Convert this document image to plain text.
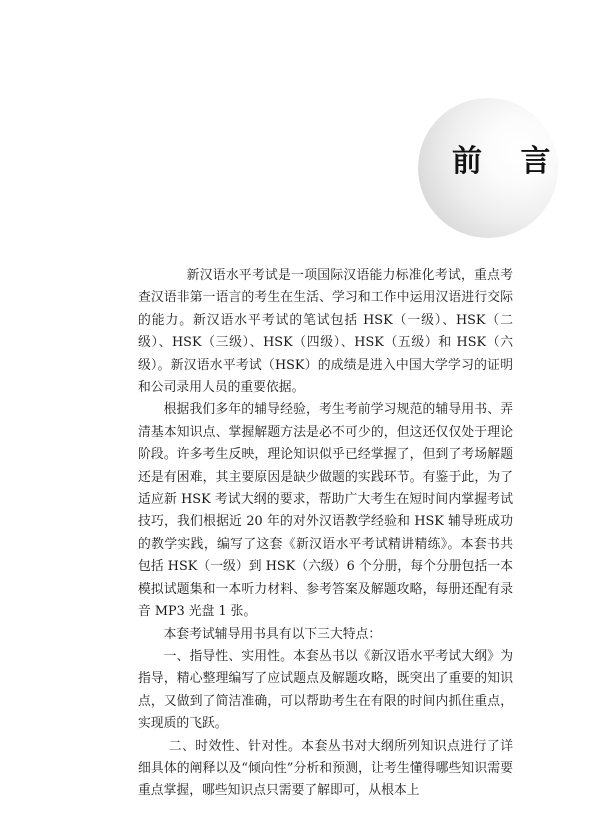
前 言

新汉语水平考试是一项国际汉语能力标准化考试，重点考查汉语非第一语言的考生在生活、学习和工作中运用汉语进行交际的能力。新汉语水平考试的笔试包括 HSK（一级）、HSK（二级）、HSK（三级）、HSK（四级）、HSK（五级）和 HSK（六级）。新汉语水平考试（HSK）的成绩是进入中国大学学习的证明和公司录用人员的重要依据。

根据我们多年的辅导经验，考生考前学习规范的辅导用书、弄清基本知识点、掌握解题方法是必不可少的，但这还仅仅处于理论阶段。许多考生反映，理论知识似乎已经掌握了，但到了考场解题还是有困难，其主要原因是缺少做题的实践环节。有鉴于此，为了适应新 HSK 考试大纲的要求，帮助广大考生在短时间内掌握考试技巧，我们根据近 20 年的对外汉语教学经验和 HSK 辅导班成功的教学实践，编写了这套《新汉语水平考试精讲精练》。本套书共包括 HSK（一级）到 HSK（六级）6 个分册，每个分册包括一本模拟试题集和一本听力材料、参考答案及解题攻略，每册还配有录音 MP3 光盘 1 张。

本套考试辅导用书具有以下三大特点：

一、指导性、实用性。本套丛书以《新汉语水平考试大纲》为指导，精心整理编写了应试题点及解题攻略，既突出了重要的知识点，又做到了简洁准确，可以帮助考生在有限的时间内抓住重点，实现质的飞跃。

二、时效性、针对性。本套丛书对大纲所列知识点进行了详细具体的阐释以及“倾向性”分析和预测，让考生懂得哪些知识需要重点掌握，哪些知识点只需要了解即可，从根本上
